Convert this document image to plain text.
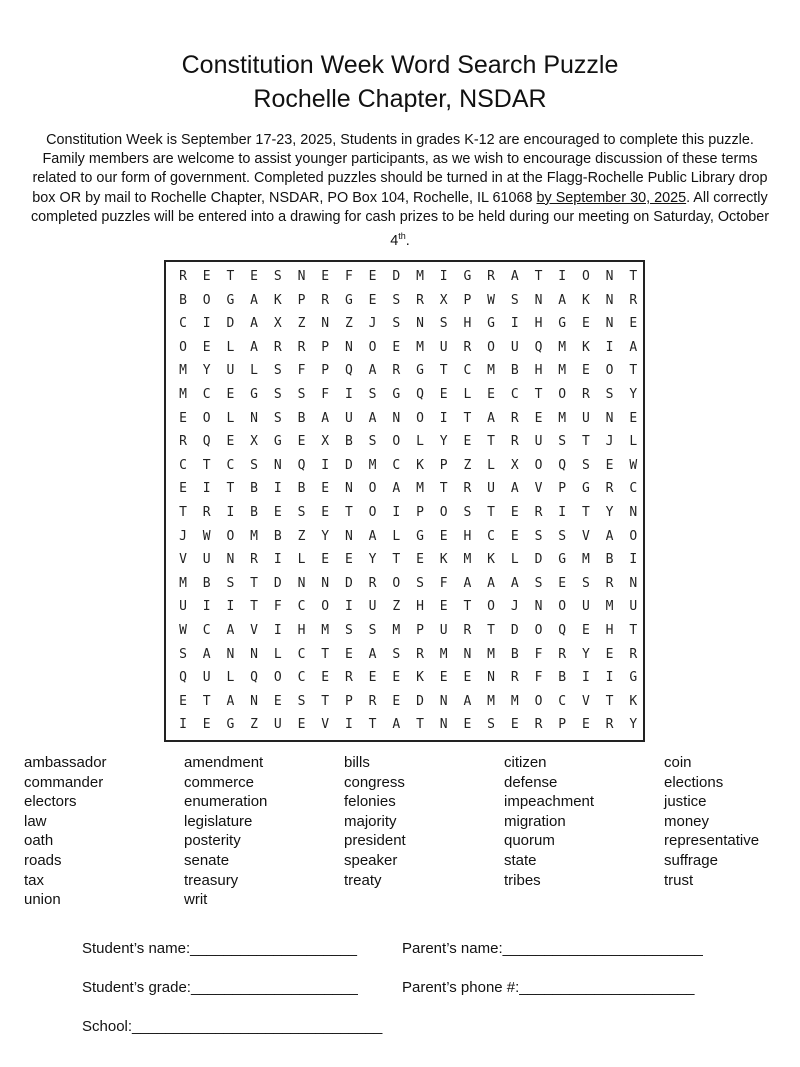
Constitution Week Word Search Puzzle
Rochelle Chapter, NSDAR
Constitution Week is September 17-23, 2025, Students in grades K-12 are encouraged to complete this puzzle. Family members are welcome to assist younger participants, as we wish to encourage discussion of these terms related to our form of government. Completed puzzles should be turned in at the Flagg-Rochelle Public Library drop box OR by mail to Rochelle Chapter, NSDAR, PO Box 104, Rochelle, IL 61068 by September 30, 2025. All correctly completed puzzles will be entered into a drawing for cash prizes to be held during our meeting on Saturday, October 4th.
R	E	T	E	S	N	E	F	E	D	M	I	G	R	A	T	I	O	N	T
B	O	G	A	K	P	R	G	E	S	R	X	P	W	S	N	A	K	N	R
C	I	D	A	X	Z	N	Z	J	S	N	S	H	G	I	H	G	E	N	E
O	E	L	A	R	R	P	N	O	E	M	U	R	O	U	Q	M	K	I	A
M	Y	U	L	S	F	P	Q	A	R	G	T	C	M	B	H	M	E	O	T
M	C	E	G	S	S	F	I	S	G	Q	E	L	E	C	T	O	R	S	Y
E	O	L	N	S	B	A	U	A	N	O	I	T	A	R	E	M	U	N	E
R	Q	E	X	G	E	X	B	S	O	L	Y	E	T	R	U	S	T	J	L
C	T	C	S	N	Q	I	D	M	C	K	P	Z	L	X	O	Q	S	E	W
E	I	T	B	I	B	E	N	O	A	M	T	R	U	A	V	P	G	R	C
T	R	I	B	E	S	E	T	O	I	P	O	S	T	E	R	I	T	Y	N
J	W	O	M	B	Z	Y	N	A	L	G	E	H	C	E	S	S	V	A	O
V	U	N	R	I	L	E	E	Y	T	E	K	M	K	L	D	G	M	B	I
M	B	S	T	D	N	N	D	R	O	S	F	A	A	A	S	E	S	R	N
U	I	I	T	F	C	O	I	U	Z	H	E	T	O	J	N	O	U	M	U
W	C	A	V	I	H	M	S	S	M	P	U	R	T	D	O	Q	E	H	T
S	A	N	N	L	C	T	E	A	S	R	M	N	M	B	F	R	Y	E	R
Q	U	L	Q	O	C	E	R	E	E	K	E	E	N	R	F	B	I	I	G
E	T	A	N	E	S	T	P	R	E	D	N	A	M	M	O	C	V	T	K
I	E	G	Z	U	E	V	I	T	A	T	N	E	S	E	R	P	E	R	Y
ambassador	amendment	bills	citizen	coin
commander	commerce	congress	defense	elections
electors	enumeration	felonies	impeachment	justice
law	legislature	majority	migration	money
oath	posterity	president	quorum	representative
roads	senate	speaker	state	suffrage
tax	treasury	treaty	tribes	trust
union	writ
Student’s name:____________________	Parent’s name:________________________
Student’s grade:____________________	Parent’s phone #:_____________________
School:______________________________
